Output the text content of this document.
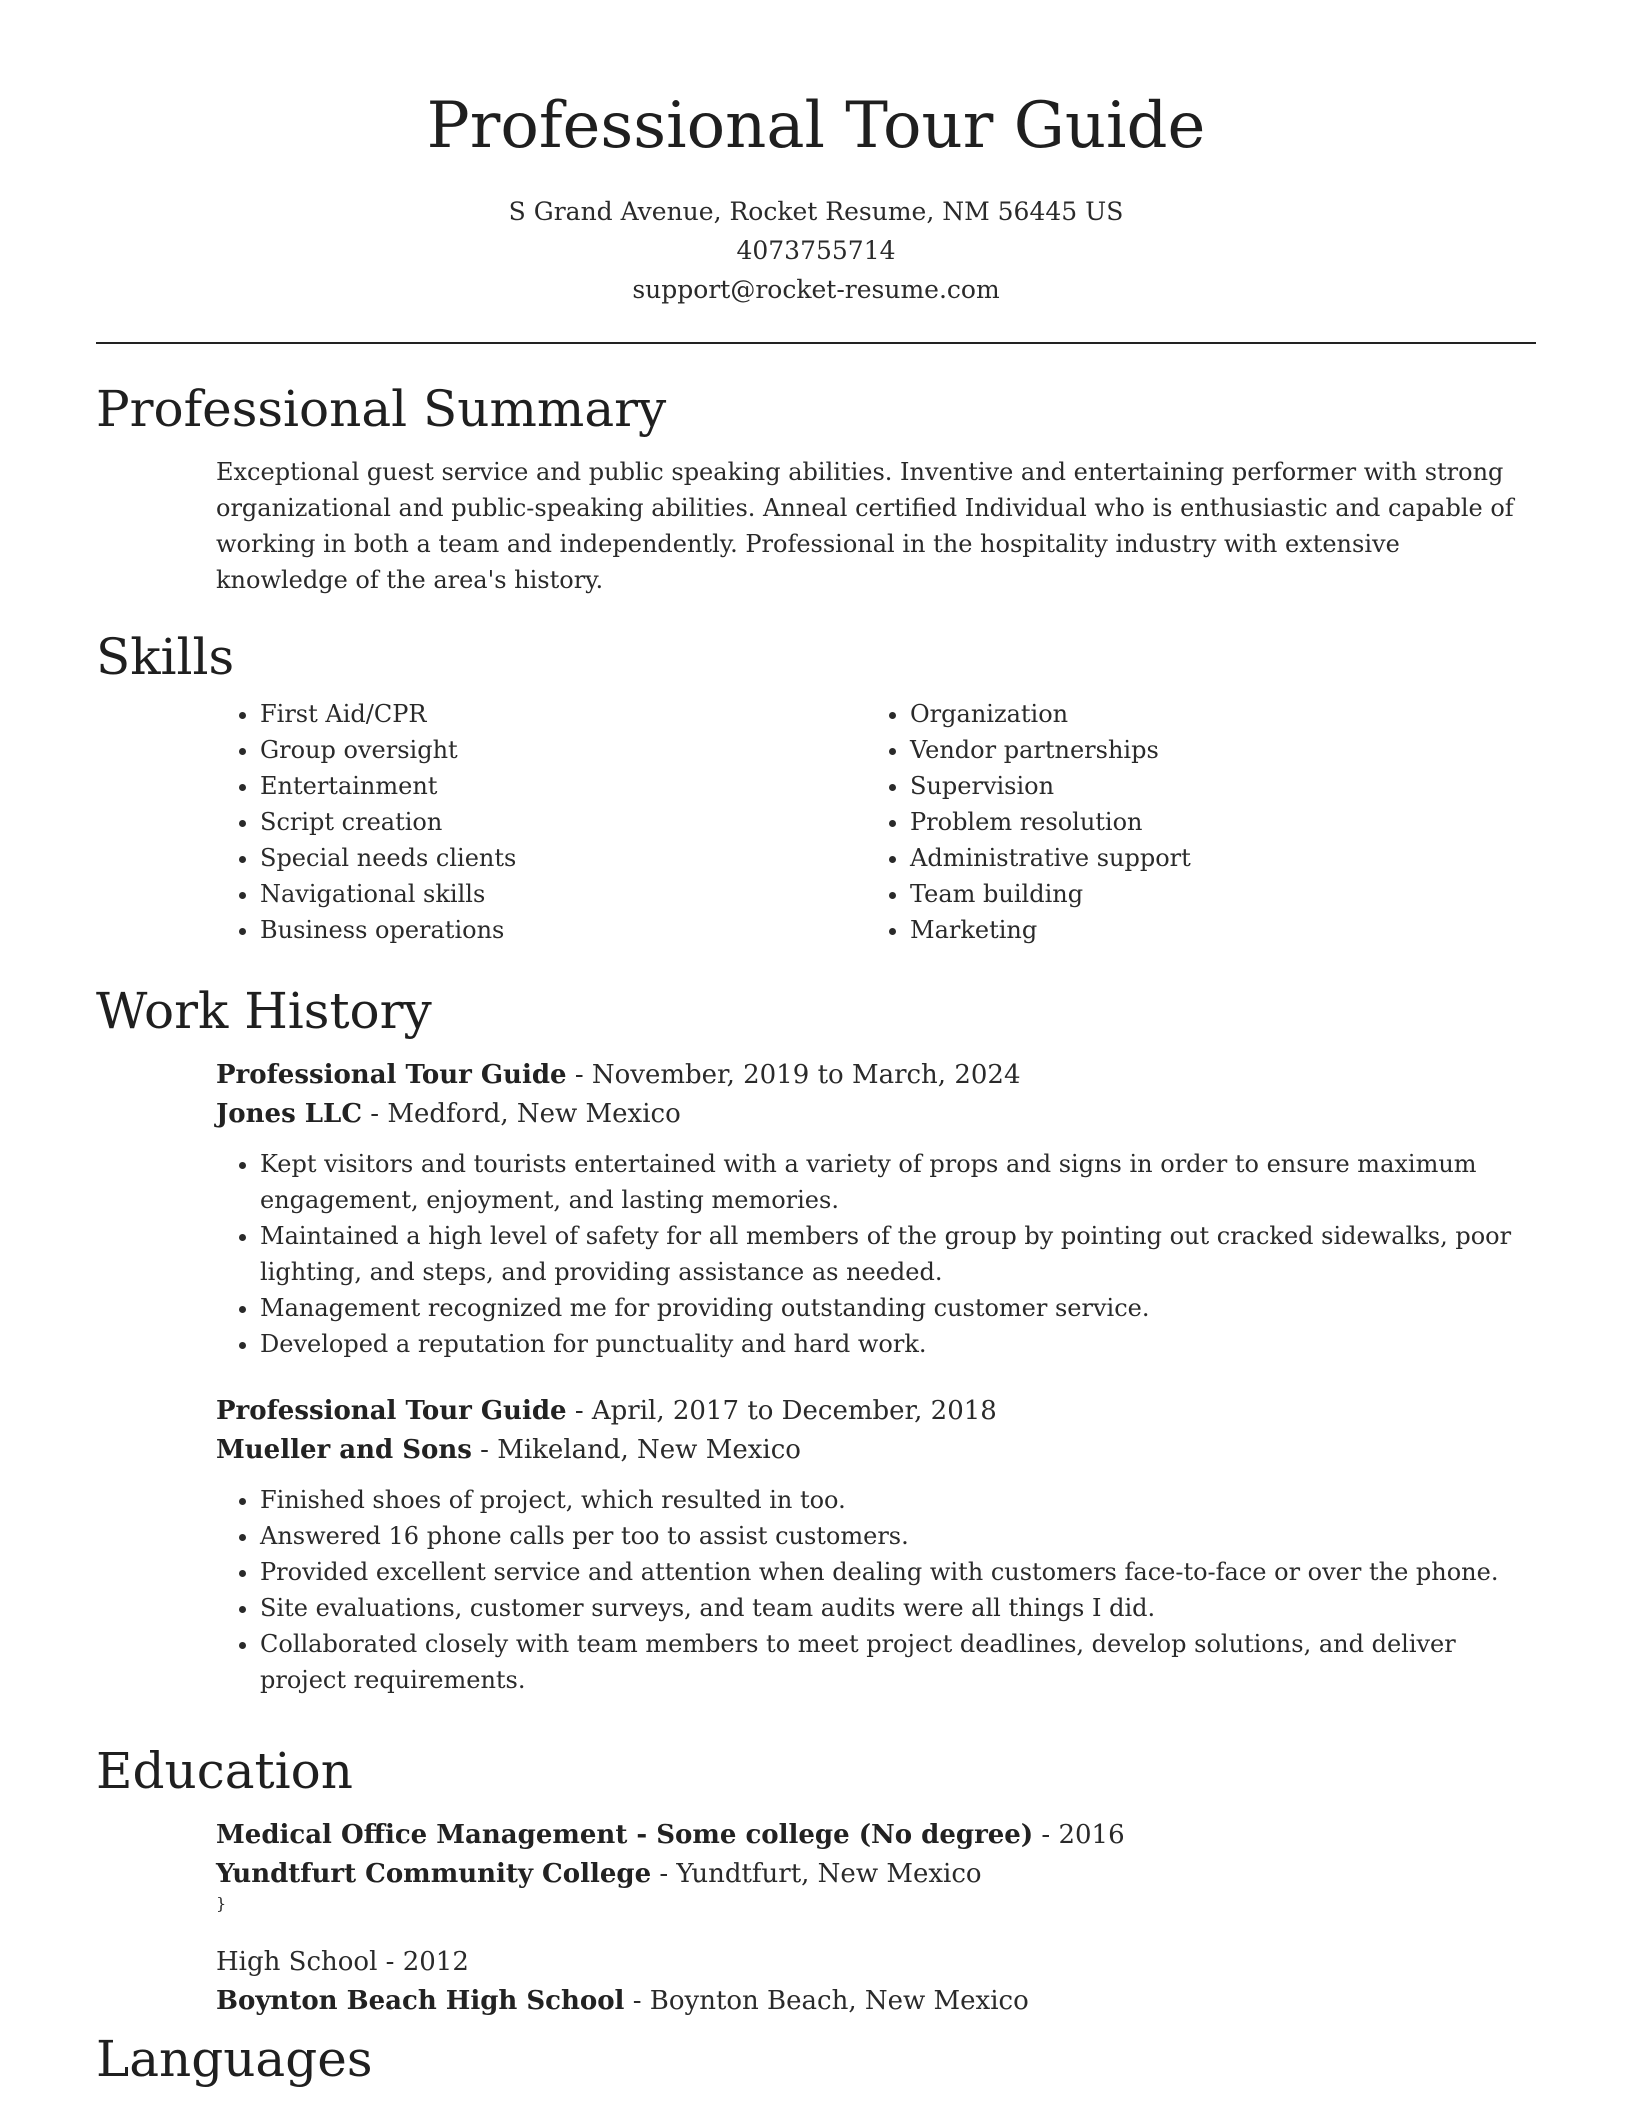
Professional Tour Guide
S Grand Avenue, Rocket Resume, NM 56445 US
4073755714
support@rocket-resume.com
Professional Summary

Exceptional guest service and public speaking abilities. Inventive and entertaining performer with strong organizational and public-speaking abilities. Anneal certified Individual who is enthusiastic and capable of working in both a team and independently. Professional in the hospitality industry with extensive knowledge of the area's history.

Skills
• First Aid/CPR
• Group oversight
• Entertainment
• Script creation
• Special needs clients
• Navigational skills
• Business operations
• Organization
• Vendor partnerships
• Supervision
• Problem resolution
• Administrative support
• Team building
• Marketing
Work History
Professional Tour Guide - November, 2019 to March, 2024
Jones LLC - Medford, New Mexico
• Kept visitors and tourists entertained with a variety of props and signs in order to ensure maximum engagement, enjoyment, and lasting memories.
• Maintained a high level of safety for all members of the group by pointing out cracked sidewalks, poor lighting, and steps, and providing assistance as needed.
• Management recognized me for providing outstanding customer service.
• Developed a reputation for punctuality and hard work.
Professional Tour Guide - April, 2017 to December, 2018
Mueller and Sons - Mikeland, New Mexico
• Finished shoes of project, which resulted in too.
• Answered 16 phone calls per too to assist customers.
• Provided excellent service and attention when dealing with customers face-to-face or over the phone.
• Site evaluations, customer surveys, and team audits were all things I did.
• Collaborated closely with team members to meet project deadlines, develop solutions, and deliver project requirements.
Education
Medical Office Management - Some college (No degree) - 2016
Yundtfurt Community College - Yundtfurt, New Mexico
}
High School - 2012
Boynton Beach High School - Boynton Beach, New Mexico
Languages
